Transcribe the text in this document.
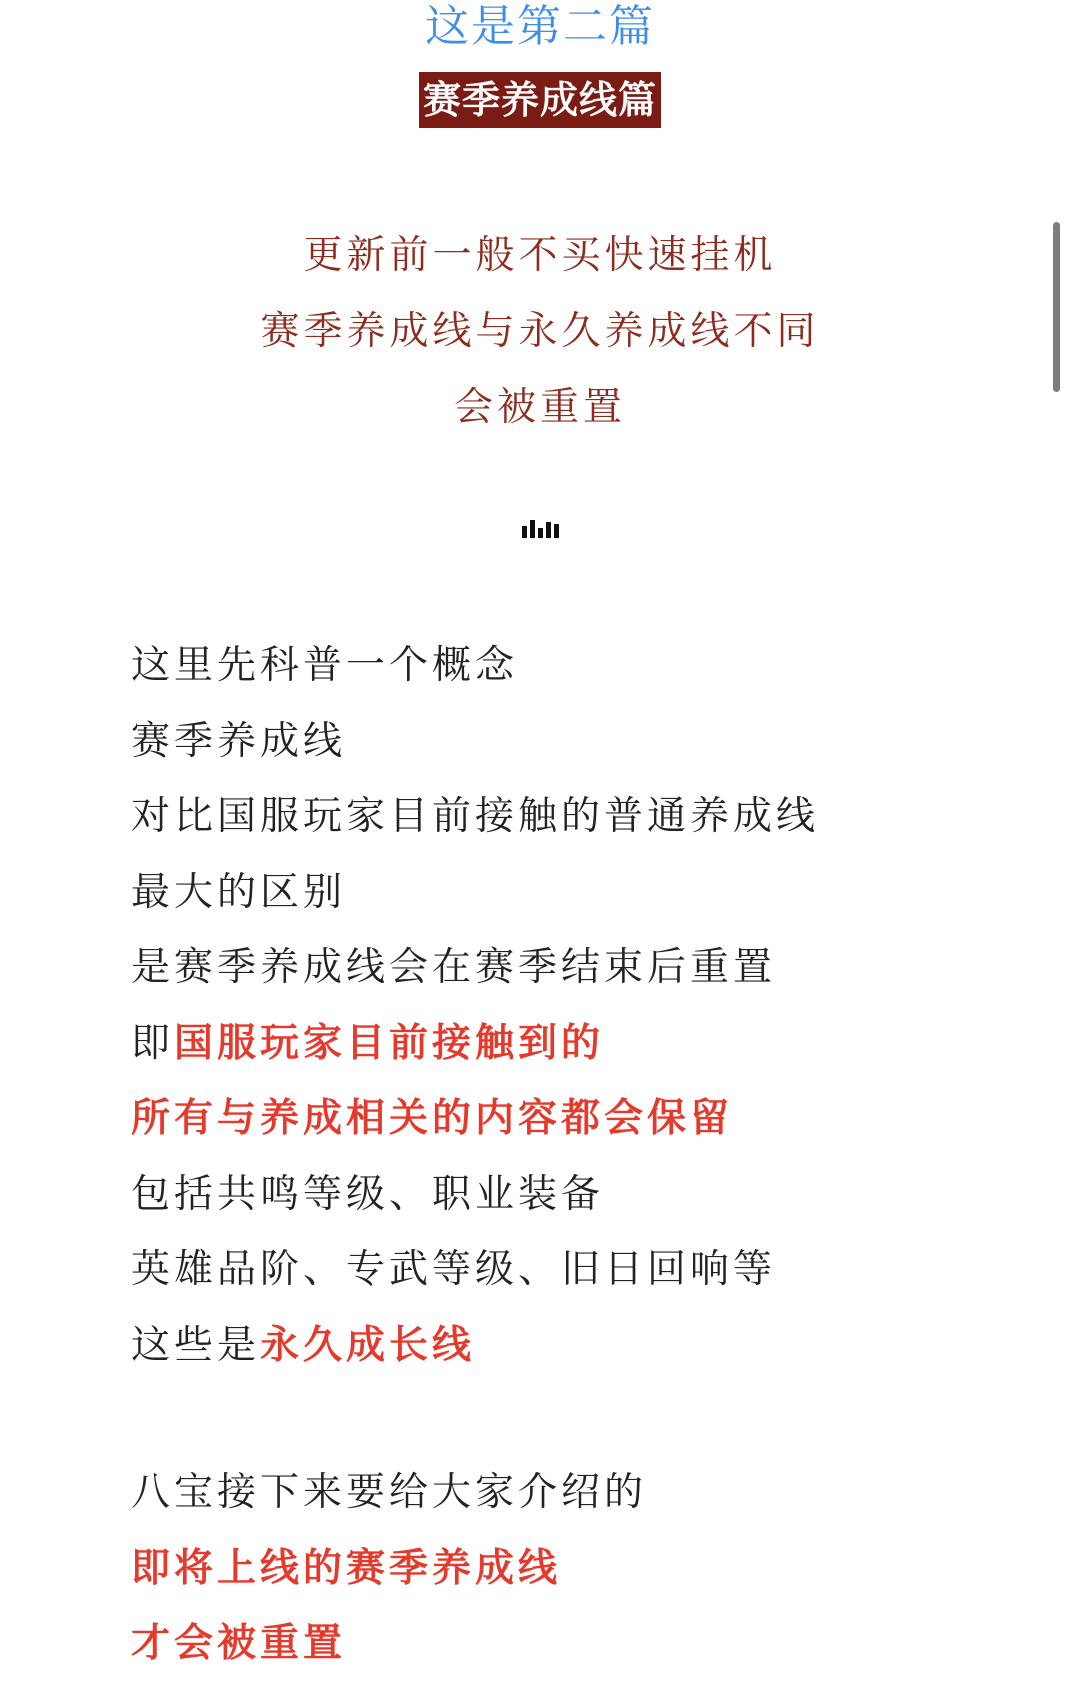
这是第二篇
赛季养成线篇
更新前一般不买快速挂机
赛季养成线与永久养成线不同
会被重置
这里先科普一个概念
赛季养成线
对比国服玩家目前接触的普通养成线
最大的区别
是赛季养成线会在赛季结束后重置
即国服玩家目前接触到的
所有与养成相关的内容都会保留
包括共鸣等级、职业装备
英雄品阶、专武等级、旧日回响等
这些是永久成长线
八宝接下来要给大家介绍的
即将上线的赛季养成线
才会被重置
